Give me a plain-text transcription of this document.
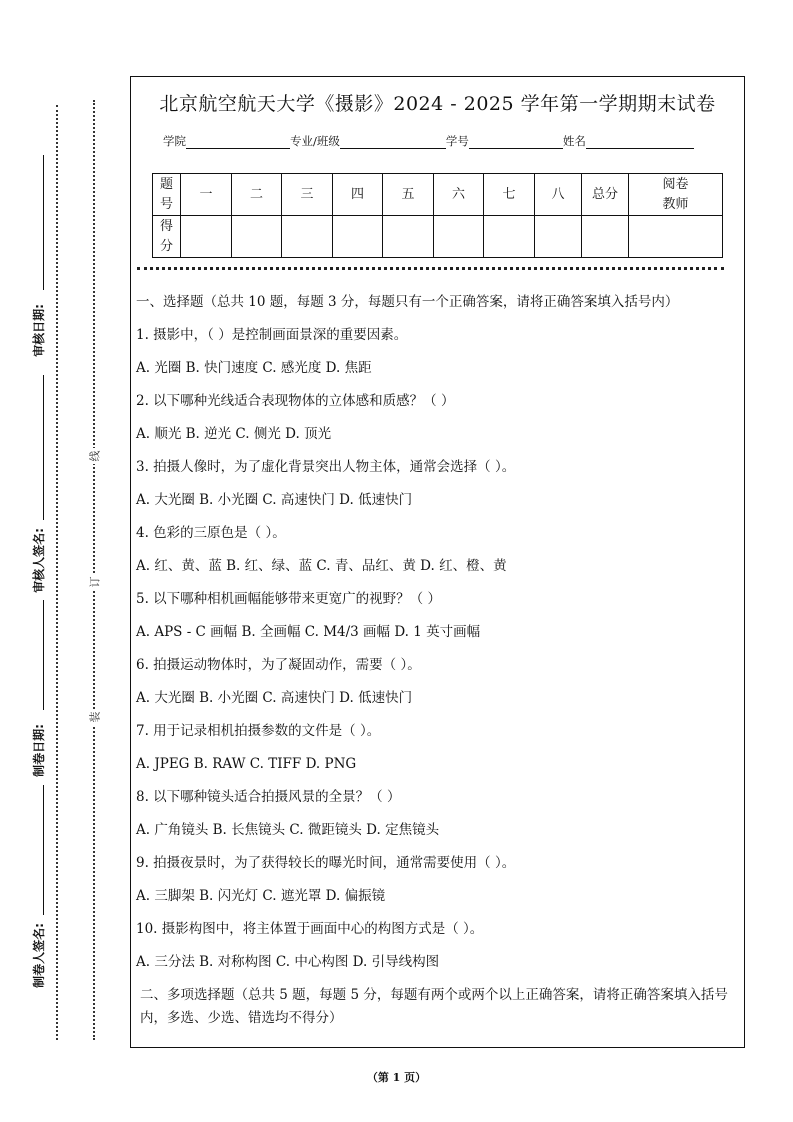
审核日期:
审核人签名:
制卷日期:
制卷人签名:
线
订
装
北京航空航天大学《摄影》2024 - 2025 学年第一学期期末试卷
学院	专业/班级	学号	姓名
题号	一	二	三	四	五	六	七	八	总分	阅卷教师
得分										

一、选择题（总共 10 题，每题 3 分，每题只有一个正确答案，请将正确答案填入括号内）

1. 摄影中，（ ）是控制画面景深的重要因素。

A. 光圈 B. 快门速度 C. 感光度 D. 焦距

2. 以下哪种光线适合表现物体的立体感和质感？（ ）

A. 顺光 B. 逆光 C. 侧光 D. 顶光

3. 拍摄人像时，为了虚化背景突出人物主体，通常会选择（ ）。

A. 大光圈 B. 小光圈 C. 高速快门 D. 低速快门

4. 色彩的三原色是（ ）。

A. 红、黄、蓝 B. 红、绿、蓝 C. 青、品红、黄 D. 红、橙、黄

5. 以下哪种相机画幅能够带来更宽广的视野？（ ）

A. APS - C 画幅 B. 全画幅 C. M4/3 画幅 D. 1 英寸画幅

6. 拍摄运动物体时，为了凝固动作，需要（ ）。

A. 大光圈 B. 小光圈 C. 高速快门 D. 低速快门

7. 用于记录相机拍摄参数的文件是（ ）。

A. JPEG B. RAW C. TIFF D. PNG

8. 以下哪种镜头适合拍摄风景的全景？（ ）

A. 广角镜头 B. 长焦镜头 C. 微距镜头 D. 定焦镜头

9. 拍摄夜景时，为了获得较长的曝光时间，通常需要使用（ ）。

A. 三脚架 B. 闪光灯 C. 遮光罩 D. 偏振镜

10. 摄影构图中，将主体置于画面中心的构图方式是（ ）。

A. 三分法 B. 对称构图 C. 中心构图 D. 引导线构图

二、多项选择题（总共 5 题，每题 5 分，每题有两个或两个以上正确答案，请将正确答案填入括号内，多选、少选、错选均不得分）

（第 1 页）
